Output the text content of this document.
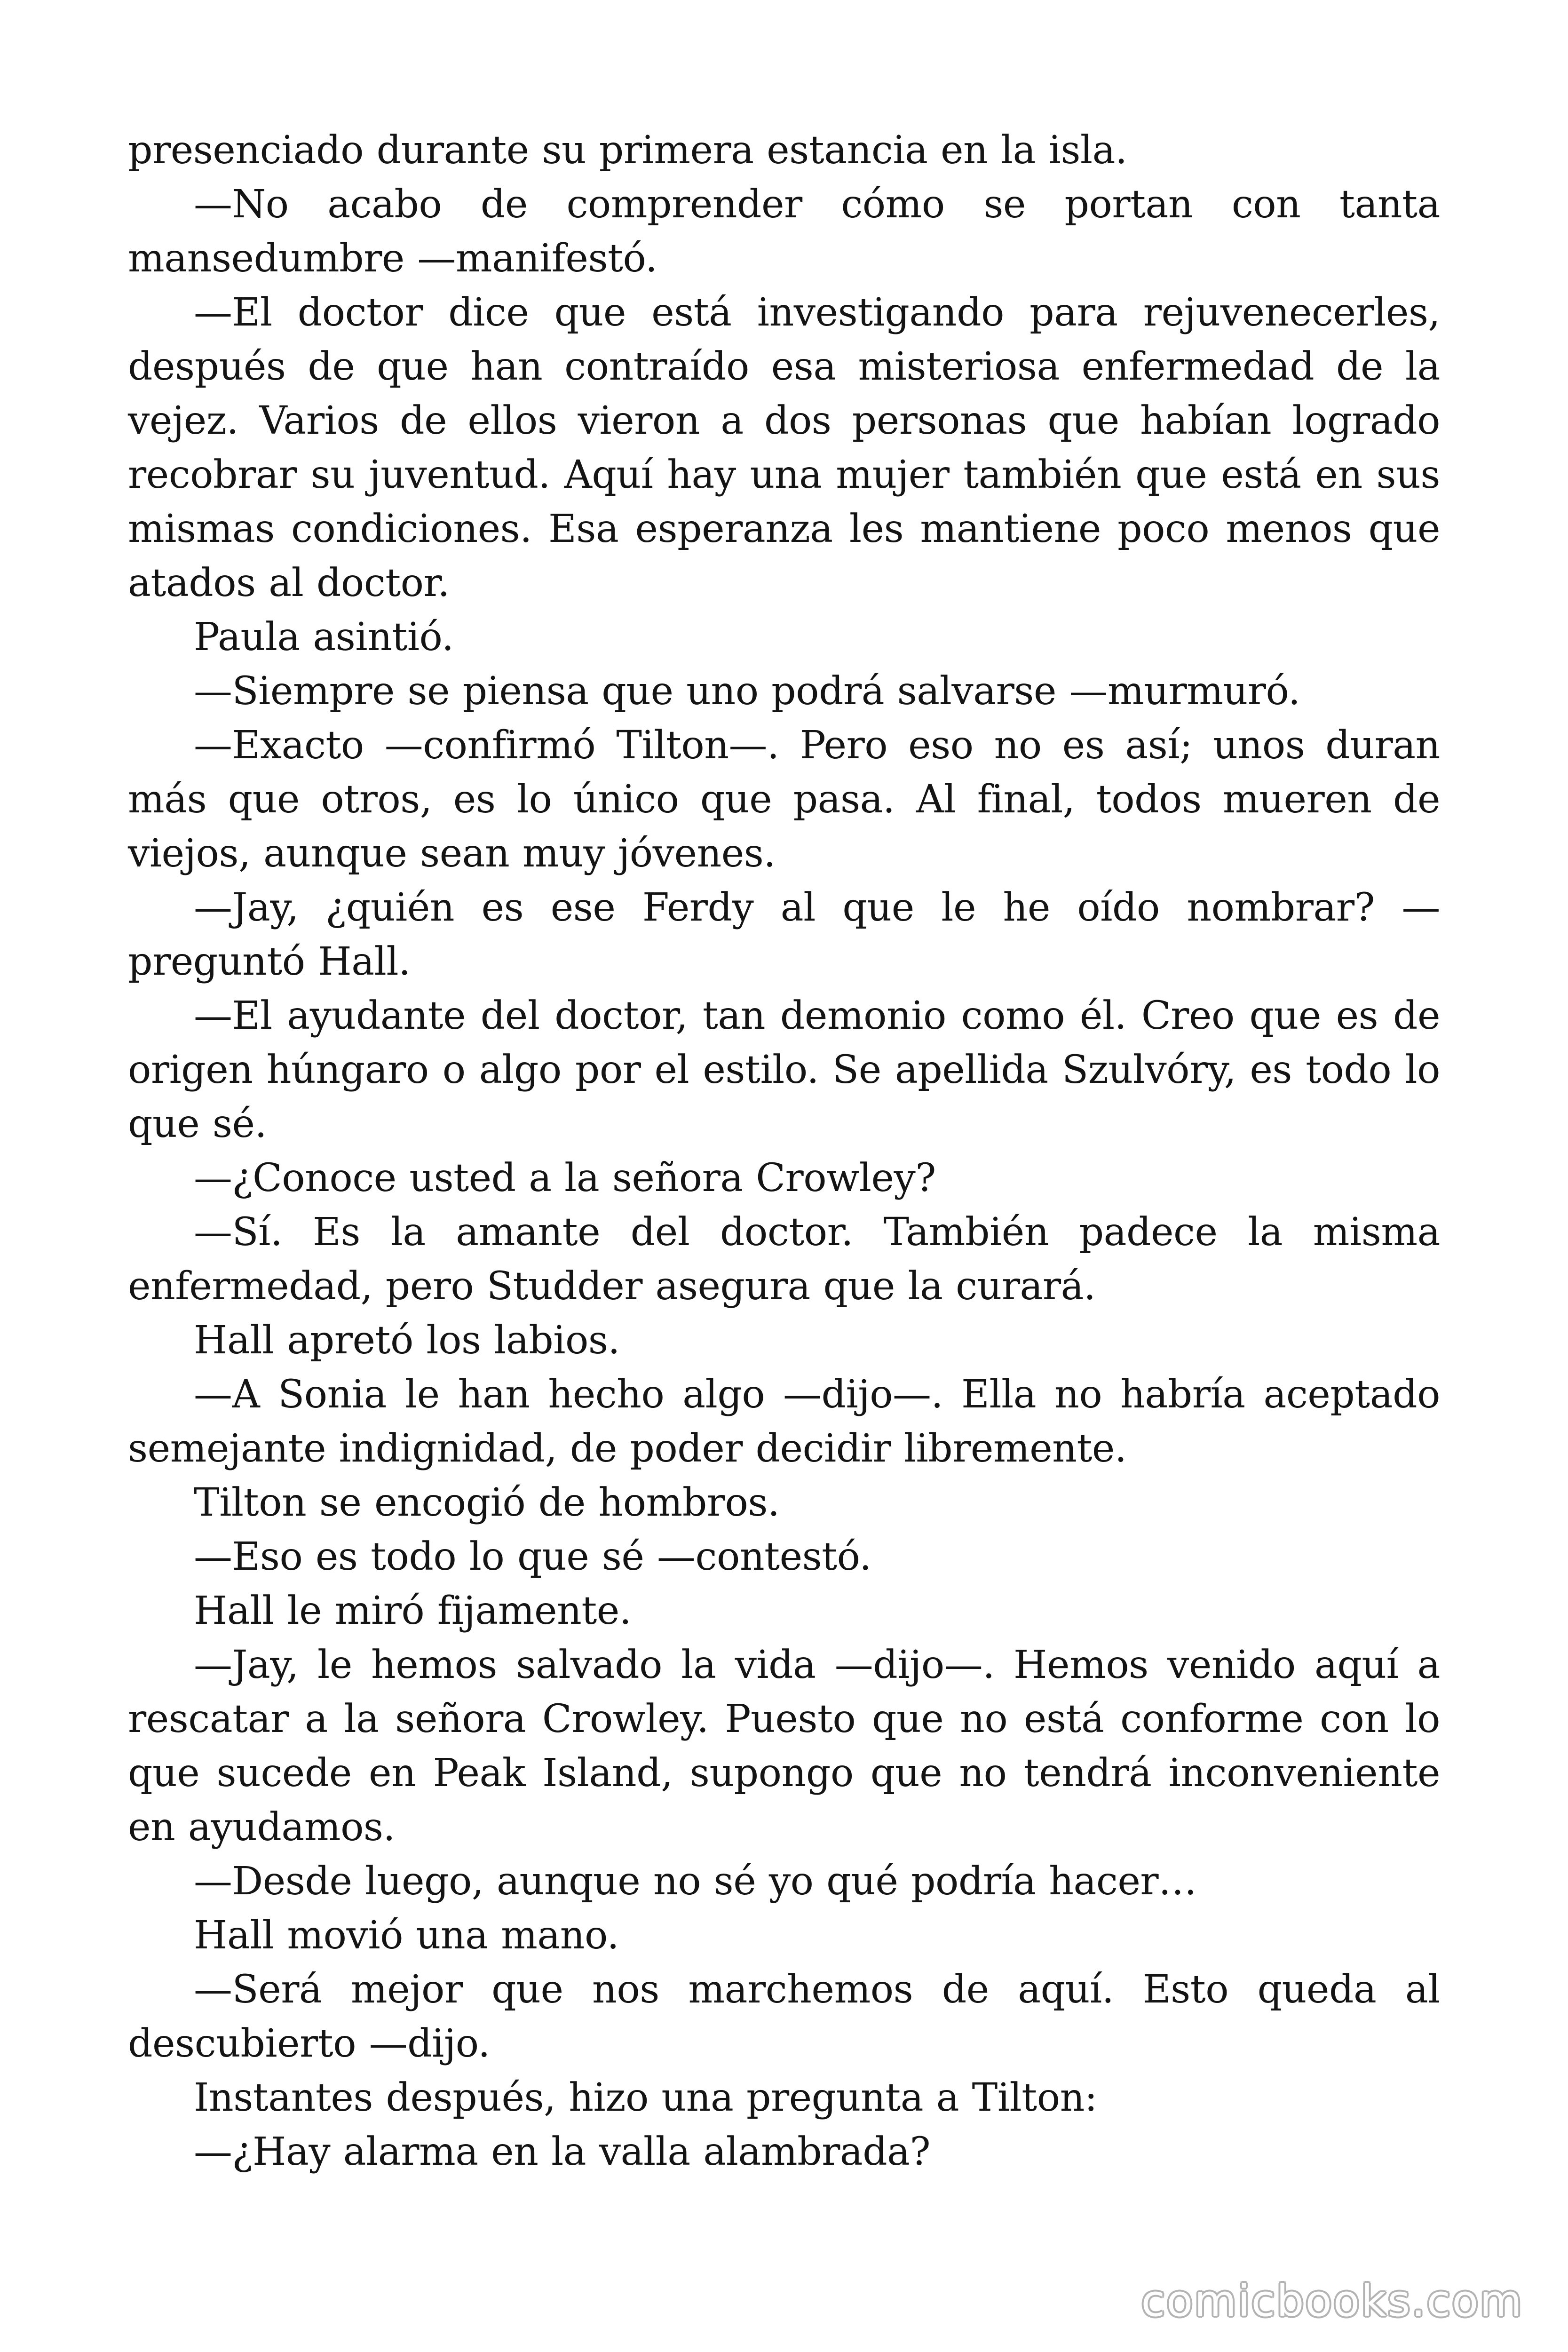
presenciado durante su primera estancia en la isla.

—No acabo de comprender cómo se portan con tanta mansedumbre —manifestó.

—El doctor dice que está investigando para rejuvenecerles, después de que han contraído esa misteriosa enfermedad de la vejez. Varios de ellos vieron a dos personas que habían logrado recobrar su juventud. Aquí hay una mujer también que está en sus mismas condiciones. Esa esperanza les mantiene poco menos que atados al doctor.

Paula asintió.

—Siempre se piensa que uno podrá salvarse —murmuró.

—Exacto —confirmó Tilton—. Pero eso no es así; unos duran más que otros, es lo único que pasa. Al final, todos mueren de viejos, aunque sean muy jóvenes.

—Jay, ¿quién es ese Ferdy al que le he oído nombrar? —preguntó Hall.

—El ayudante del doctor, tan demonio como él. Creo que es de origen húngaro o algo por el estilo. Se apellida Szulvóry, es todo lo que sé.

—¿Conoce usted a la señora Crowley?

—Sí. Es la amante del doctor. También padece la misma enfermedad, pero Studder asegura que la curará.

Hall apretó los labios.

—A Sonia le han hecho algo —dijo—. Ella no habría aceptado semejante indignidad, de poder decidir libremente.

Tilton se encogió de hombros.

—Eso es todo lo que sé —contestó.

Hall le miró fijamente.

—Jay, le hemos salvado la vida —dijo—. Hemos venido aquí a rescatar a la señora Crowley. Puesto que no está conforme con lo que sucede en Peak Island, supongo que no tendrá inconveniente en ayudamos.

—Desde luego, aunque no sé yo qué podría hacer…

Hall movió una mano.

—Será mejor que nos marchemos de aquí. Esto queda al descubierto —dijo.

Instantes después, hizo una pregunta a Tilton:

—¿Hay alarma en la valla alambrada?

comicbooks.com
